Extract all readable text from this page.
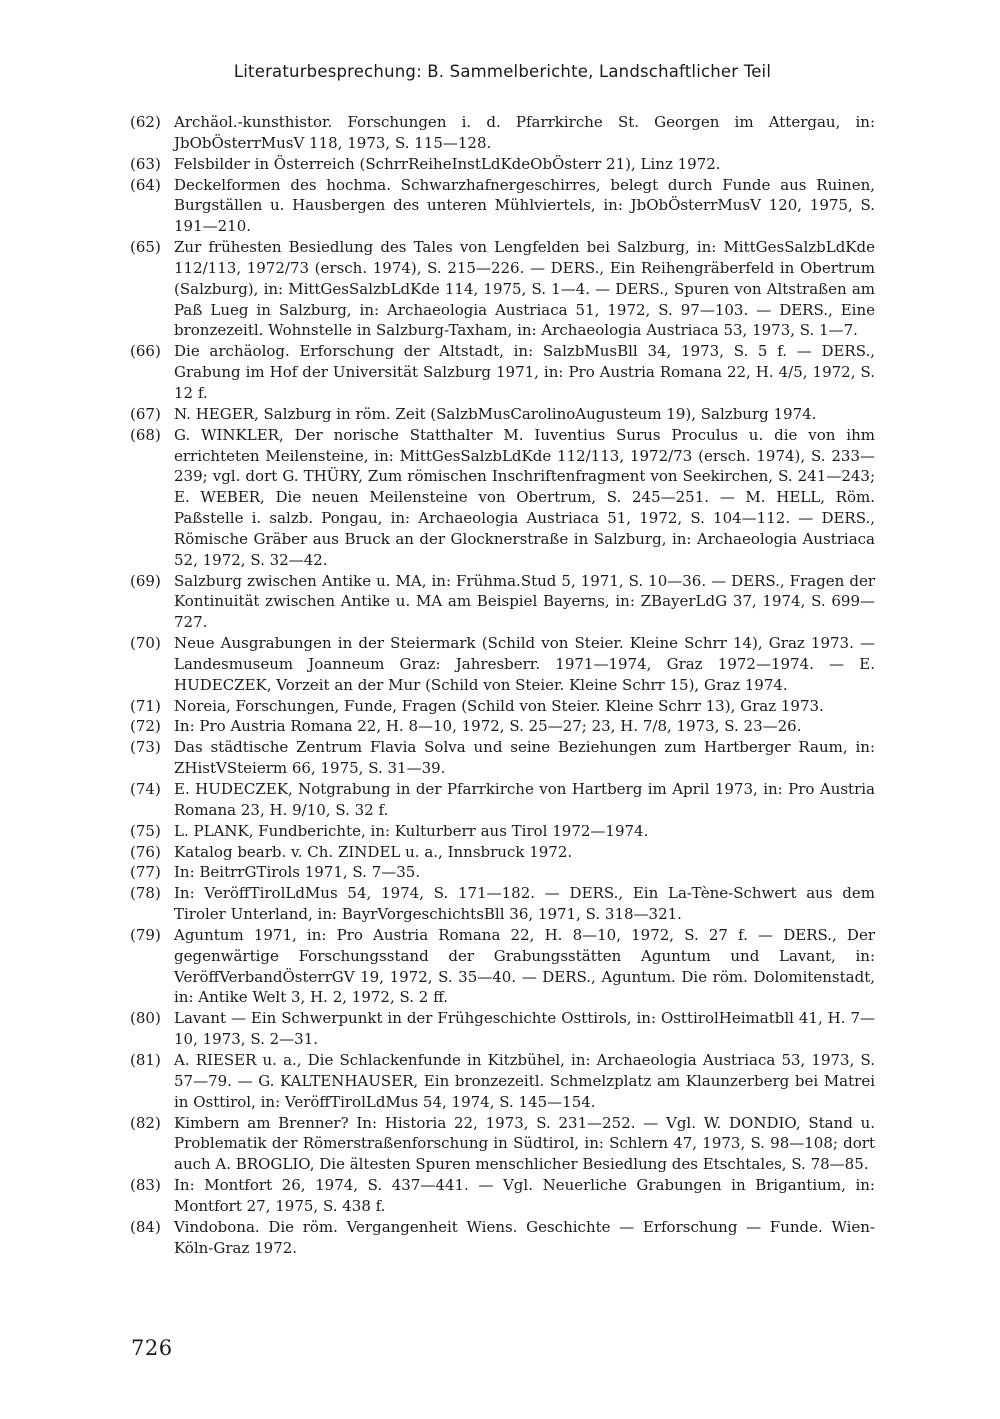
Literaturbesprechung: B. Sammelberichte, Landschaftlicher Teil
(62) Archäol.-kunsthistor. Forschungen i. d. Pfarrkirche St. Georgen im Attergau, in: JbObÖsterrMusV 118, 1973, S. 115—128.
(63) Felsbilder in Österreich (SchrrReiheInstLdKdeObÖsterr 21), Linz 1972.
(64) Deckelformen des hochma. Schwarzhafnergeschirres, belegt durch Funde aus Ruinen, Burgställen u. Hausbergen des unteren Mühlviertels, in: JbObÖsterrMusV 120, 1975, S. 191—210.
(65) Zur frühesten Besiedlung des Tales von Lengfelden bei Salzburg, in: MittGesSalzbLdKde 112/113, 1972/73 (ersch. 1974), S. 215—226. — DERS., Ein Reihengräberfeld in Obertrum (Salzburg), in: MittGesSalzbLdKde 114, 1975, S. 1—4. — DERS., Spuren von Altstraßen am Paß Lueg in Salzburg, in: Archaeologia Austriaca 51, 1972, S. 97—103. — DERS., Eine bronzezeitl. Wohnstelle in Salzburg-Taxham, in: Archaeologia Austriaca 53, 1973, S. 1—7.
(66) Die archäolog. Erforschung der Altstadt, in: SalzbMusBll 34, 1973, S. 5 f. — DERS., Grabung im Hof der Universität Salzburg 1971, in: Pro Austria Romana 22, H. 4/5, 1972, S. 12 f.
(67) N. HEGER, Salzburg in röm. Zeit (SalzbMusCarolinoAugusteum 19), Salzburg 1974.
(68) G. WINKLER, Der norische Statthalter M. Iuventius Surus Proculus u. die von ihm errichteten Meilensteine, in: MittGesSalzbLdKde 112/113, 1972/73 (ersch. 1974), S. 233—239; vgl. dort G. THÜRY, Zum römischen Inschriftenfragment von Seekirchen, S. 241—243; E. WEBER, Die neuen Meilensteine von Obertrum, S. 245—251. — M. HELL, Röm. Paßstelle i. salzb. Pongau, in: Archaeologia Austriaca 51, 1972, S. 104—112. — DERS., Römische Gräber aus Bruck an der Glocknerstraße in Salzburg, in: Archaeologia Austriaca 52, 1972, S. 32—42.
(69) Salzburg zwischen Antike u. MA, in: Frühma.Stud 5, 1971, S. 10—36. — DERS., Fragen der Kontinuität zwischen Antike u. MA am Beispiel Bayerns, in: ZBayerLdG 37, 1974, S. 699—727.
(70) Neue Ausgrabungen in der Steiermark (Schild von Steier. Kleine Schrr 14), Graz 1973. — Landesmuseum Joanneum Graz: Jahresberr. 1971—1974, Graz 1972—1974. — E. HUDECZEK, Vorzeit an der Mur (Schild von Steier. Kleine Schrr 15), Graz 1974.
(71) Noreia, Forschungen, Funde, Fragen (Schild von Steier. Kleine Schrr 13), Graz 1973.
(72) In: Pro Austria Romana 22, H. 8—10, 1972, S. 25—27; 23, H. 7/8, 1973, S. 23—26.
(73) Das städtische Zentrum Flavia Solva und seine Beziehungen zum Hartberger Raum, in: ZHistVSteierm 66, 1975, S. 31—39.
(74) E. HUDECZEK, Notgrabung in der Pfarrkirche von Hartberg im April 1973, in: Pro Austria Romana 23, H. 9/10, S. 32 f.
(75) L. PLANK, Fundberichte, in: Kulturberr aus Tirol 1972—1974.
(76) Katalog bearb. v. Ch. ZINDEL u. a., Innsbruck 1972.
(77) In: BeitrrGTirols 1971, S. 7—35.
(78) In: VeröffTirolLdMus 54, 1974, S. 171—182. — DERS., Ein La-Tène-Schwert aus dem Tiroler Unterland, in: BayrVorgeschichtsBll 36, 1971, S. 318—321.
(79) Aguntum 1971, in: Pro Austria Romana 22, H. 8—10, 1972, S. 27 f. — DERS., Der gegenwärtige Forschungsstand der Grabungsstätten Aguntum und Lavant, in: VeröffVerbandÖsterrGV 19, 1972, S. 35—40. — DERS., Aguntum. Die röm. Dolomitenstadt, in: Antike Welt 3, H. 2, 1972, S. 2 ff.
(80) Lavant — Ein Schwerpunkt in der Frühgeschichte Osttirols, in: OsttirolHeimatbll 41, H. 7—10, 1973, S. 2—31.
(81) A. RIESER u. a., Die Schlackenfunde in Kitzbühel, in: Archaeologia Austriaca 53, 1973, S. 57—79. — G. KALTENHAUSER, Ein bronzezeitl. Schmelzplatz am Klaunzerberg bei Matrei in Osttirol, in: VeröffTirolLdMus 54, 1974, S. 145—154.
(82) Kimbern am Brenner? In: Historia 22, 1973, S. 231—252. — Vgl. W. DONDIO, Stand u. Problematik der Römerstraßenforschung in Südtirol, in: Schlern 47, 1973, S. 98—108; dort auch A. BROGLIO, Die ältesten Spuren menschlicher Besiedlung des Etschtales, S. 78—85.
(83) In: Montfort 26, 1974, S. 437—441. — Vgl. Neuerliche Grabungen in Brigantium, in: Montfort 27, 1975, S. 438 f.
(84) Vindobona. Die röm. Vergangenheit Wiens. Geschichte — Erforschung — Funde. Wien-Köln-Graz 1972.
726
